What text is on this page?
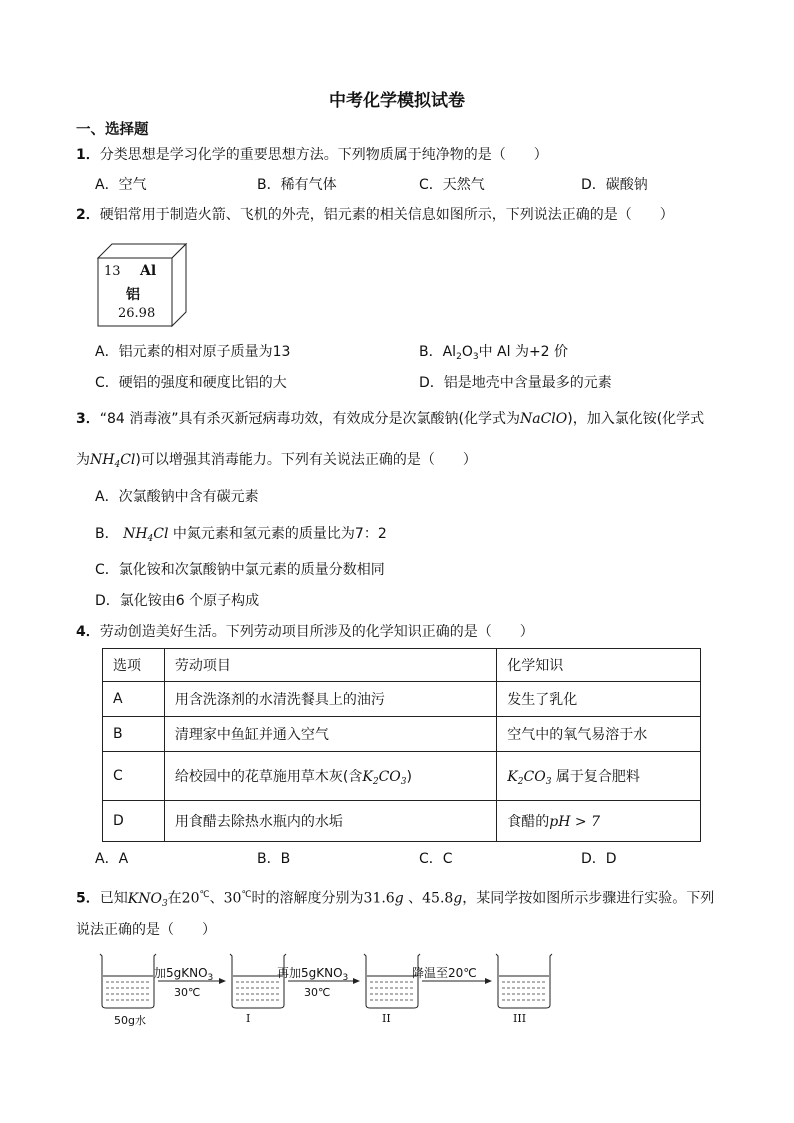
中考化学模拟试卷
一、选择题
1．分类思想是学习化学的重要思想方法。下列物质属于纯净物的是（　　）
A．空气	B．稀有气体	C．天然气	D．碳酸钠
2．硬铝常用于制造火箭、飞机的外壳，铝元素的相关信息如图所示，下列说法正确的是（　　）
13 Al
铝
26.98
A．铝元素的相对原子质量为13	B．$Al_2O_3$中 Al 为+2 价
C．硬铝的强度和硬度比铝的大	D．铝是地壳中含量最多的元素
3．“84 消毒液”具有杀灭新冠病毒功效，有效成分是次氯酸钠(化学式为NaClO)，加入氯化铵(化学式
为$NH_4Cl$)可以增强其消毒能力。下列有关说法正确的是（　　）
A．次氯酸钠中含有碳元素
B． $NH_4Cl$ 中氮元素和氢元素的质量比为7：2
C．氯化铵和次氯酸钠中氯元素的质量分数相同
D．氯化铵由6 个原子构成
4．劳动创造美好生活。下列劳动项目所涉及的化学知识正确的是（　　）
选项	劳动项目	化学知识
A	用含洗涤剂的水清洗餐具上的油污	发生了乳化
B	清理家中鱼缸并通入空气	空气中的氧气易溶于水
C	给校园中的花草施用草木灰(含$K_2CO_3$)	$K_2CO_3$ 属于复合肥料
D	用食醋去除热水瓶内的水垢	食醋的pH > 7
A．A	B．B	C．C	D．D
5．已知$KNO_3$在20℃、30℃时的溶解度分别为31.6g 、45.8g，某同学按如图所示步骤进行实验。下列
说法正确的是（　　）
加5gKNO$_3$
30℃
再加5gKNO$_3$
30℃
降温至20℃
50g水	I	II	III
